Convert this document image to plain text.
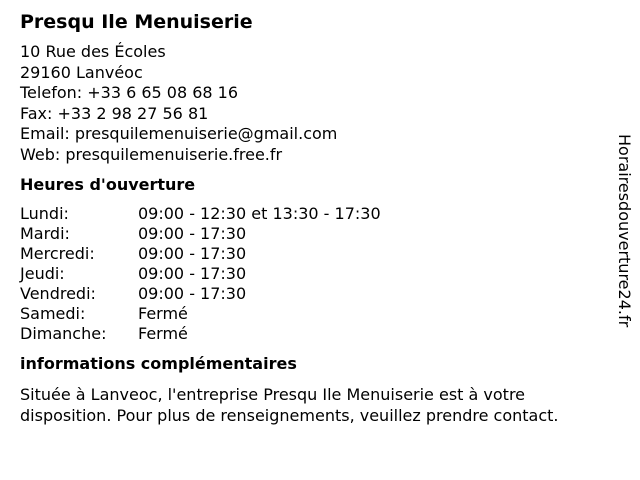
Presqu Ile Menuiserie
10 Rue des Écoles
29160 Lanvéoc
Telefon: +33 6 65 08 68 16
Fax: +33 2 98 27 56 81
Email: presquilemenuiserie@gmail.com
Web: presquilemenuiserie.free.fr
Heures d'ouverture
Lundi:	09:00 - 12:30 et 13:30 - 17:30
Mardi:	09:00 - 17:30
Mercredi:	09:00 - 17:30
Jeudi:	09:00 - 17:30
Vendredi:	09:00 - 17:30
Samedi:	Fermé
Dimanche: Fermé
informations complémentaires

Située à Lanveoc, l'entreprise Presqu Ile Menuiserie est à votre disposition. Pour plus de renseignements, veuillez prendre contact.

Horairesdouverture24.fr
